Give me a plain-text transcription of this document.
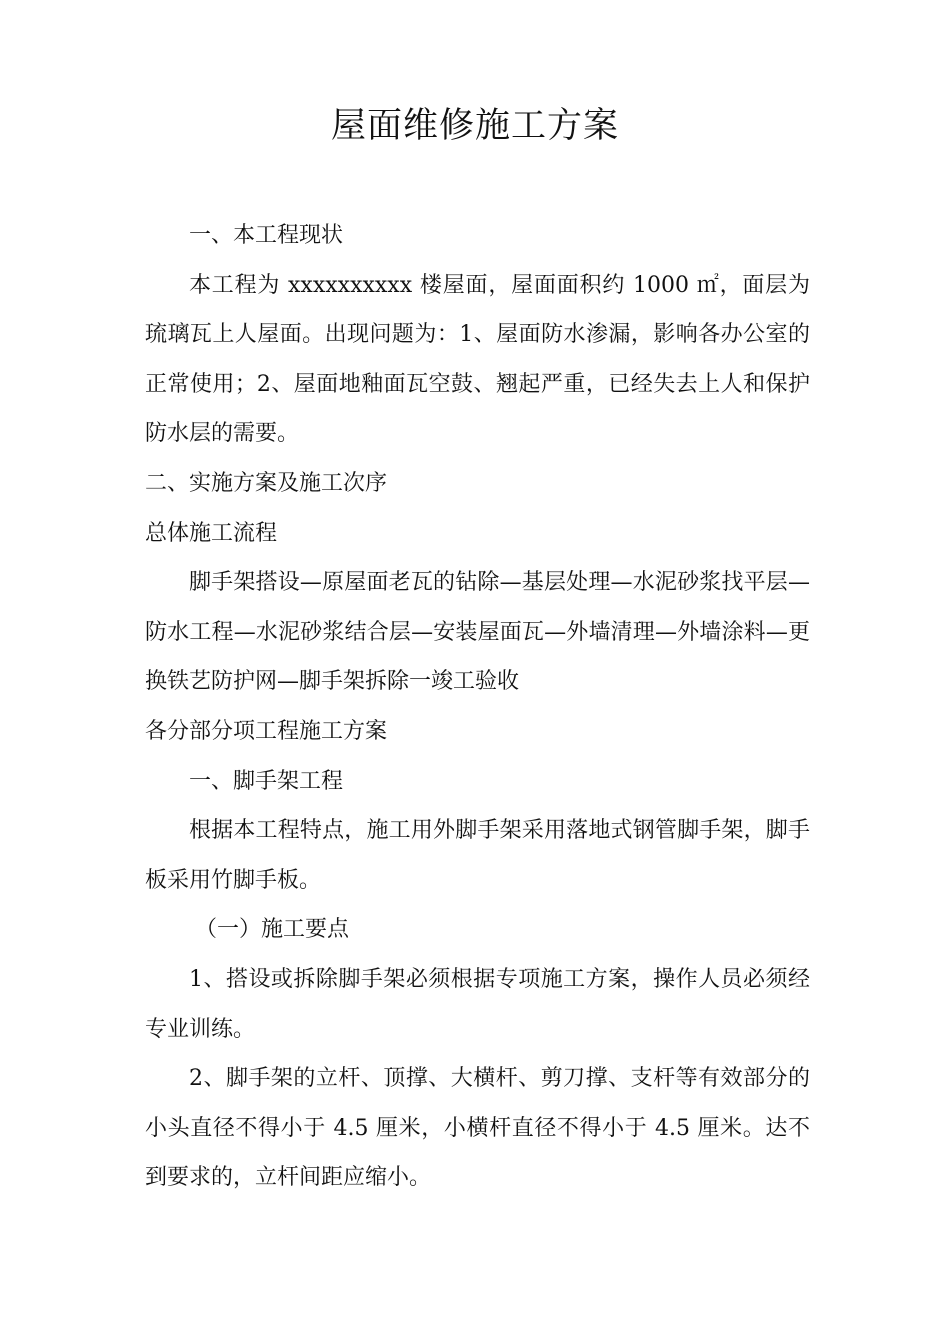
屋面维修施工方案

一、本工程现状

本工程为 xxxxxxxxxx 楼屋面，屋面面积约 1000 ㎡，面层为琉璃瓦上人屋面。出现问题为：1、屋面防水渗漏，影响各办公室的正常使用；2、屋面地釉面瓦空鼓、翘起严重，已经失去上人和保护防水层的需要。

二、实施方案及施工次序

总体施工流程

脚手架搭设—原屋面老瓦的钻除—基层处理—水泥砂浆找平层—防水工程—水泥砂浆结合层—安装屋面瓦—外墙清理—外墙涂料—更换铁艺防护网—脚手架拆除一竣工验收

各分部分项工程施工方案

一、脚手架工程

根据本工程特点，施工用外脚手架采用落地式钢管脚手架，脚手板采用竹脚手板。

（一）施工要点

1、搭设或拆除脚手架必须根据专项施工方案，操作人员必须经专业训练。

2、脚手架的立杆、顶撑、大横杆、剪刀撑、支杆等有效部分的小头直径不得小于 4.5 厘米，小横杆直径不得小于 4.5 厘米。达不到要求的，立杆间距应缩小。
